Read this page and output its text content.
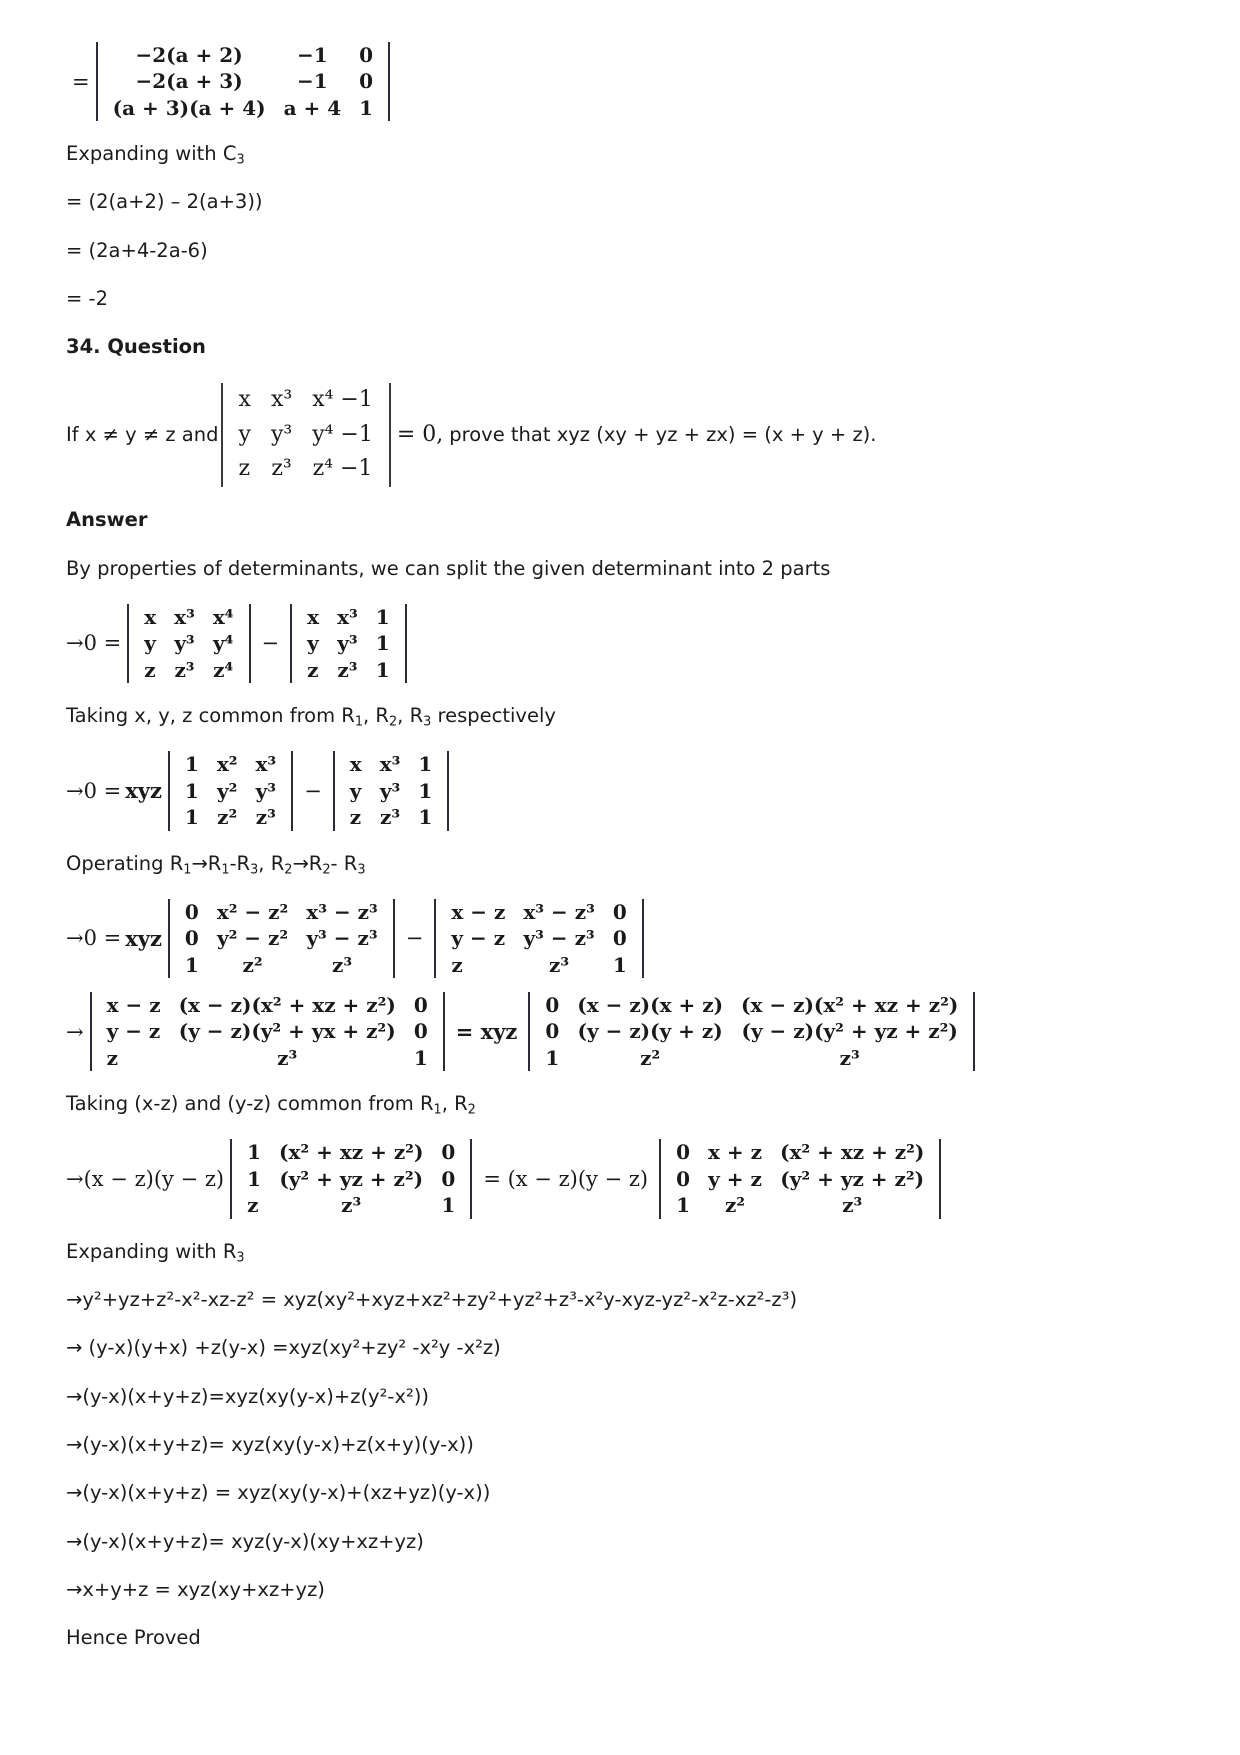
=
−2(a + 2)	−1	0
−2(a + 3)	−1	0
(a + 3)(a + 4)	a + 4	1

Expanding with $C_3$

= (2(a+2) – 2(a+3))

= (2a+4-2a-6)

= -2

34. Question

If x ≠ y ≠ z and
x	x³	x⁴ −1
y	y³	y⁴ −1
z	z³	z⁴ −1
= 0, prove that xyz (xy + yz + zx) = (x + y + z).

Answer

By properties of determinants, we can split the given determinant into 2 parts

→0 =
x	x³	x⁴
y	y³	y⁴
z	z³	z⁴
−
x	x³	1
y	y³	1
z	z³	1

Taking x, y, z common from $R_1$, $R_2$, $R_3$ respectively

→0 = xyz
1	x²	x³
1	y²	y³
1	z²	z³
−
x	x³	1
y	y³	1
z	z³	1

Operating $R_1\to R_1-R_3$, $R_2\to R_2-$ $R_3$

→0 = xyz
0	x² − z²	x³ − z³
0	y² − z²	y³ − z³
1	z²	z³
−
x − z	x³ − z³	0
y − z	y³ − z³	0
z	z³	1
→
x − z	(x − z)(x² + xz + z²)	0
y − z	(y − z)(y² + yx + z²)	0
z	z³	1
= xyz
0	(x − z)(x + z)	(x − z)(x² + xz + z²)
0	(y − z)(y + z)	(y − z)(y² + yz + z²)
1	z²	z³

Taking (x-z) and (y-z) common from $R_1$, $R_2$

→(x − z)(y − z)
1	(x² + xz + z²)	0
1	(y² + yz + z²)	0
z	z³	1
= (x − z)(y − z)
0	x + z	(x² + xz + z²)
0	y + z	(y² + yz + z²)
1	z²	z³

Expanding with $R_3$

→y²+yz+z²-x²-xz-z² = xyz(xy²+xyz+xz²+zy²+yz²+z³-x²y-xyz-yz²-x²z-xz²-z³)

→ (y-x)(y+x) +z(y-x) =xyz(xy²+zy² -x²y -x²z)

→(y-x)(x+y+z)=xyz(xy(y-x)+z(y²-x²))

→(y-x)(x+y+z)= xyz(xy(y-x)+z(x+y)(y-x))

→(y-x)(x+y+z) = xyz(xy(y-x)+(xz+yz)(y-x))

→(y-x)(x+y+z)= xyz(y-x)(xy+xz+yz)

→x+y+z = xyz(xy+xz+yz)

Hence Proved
